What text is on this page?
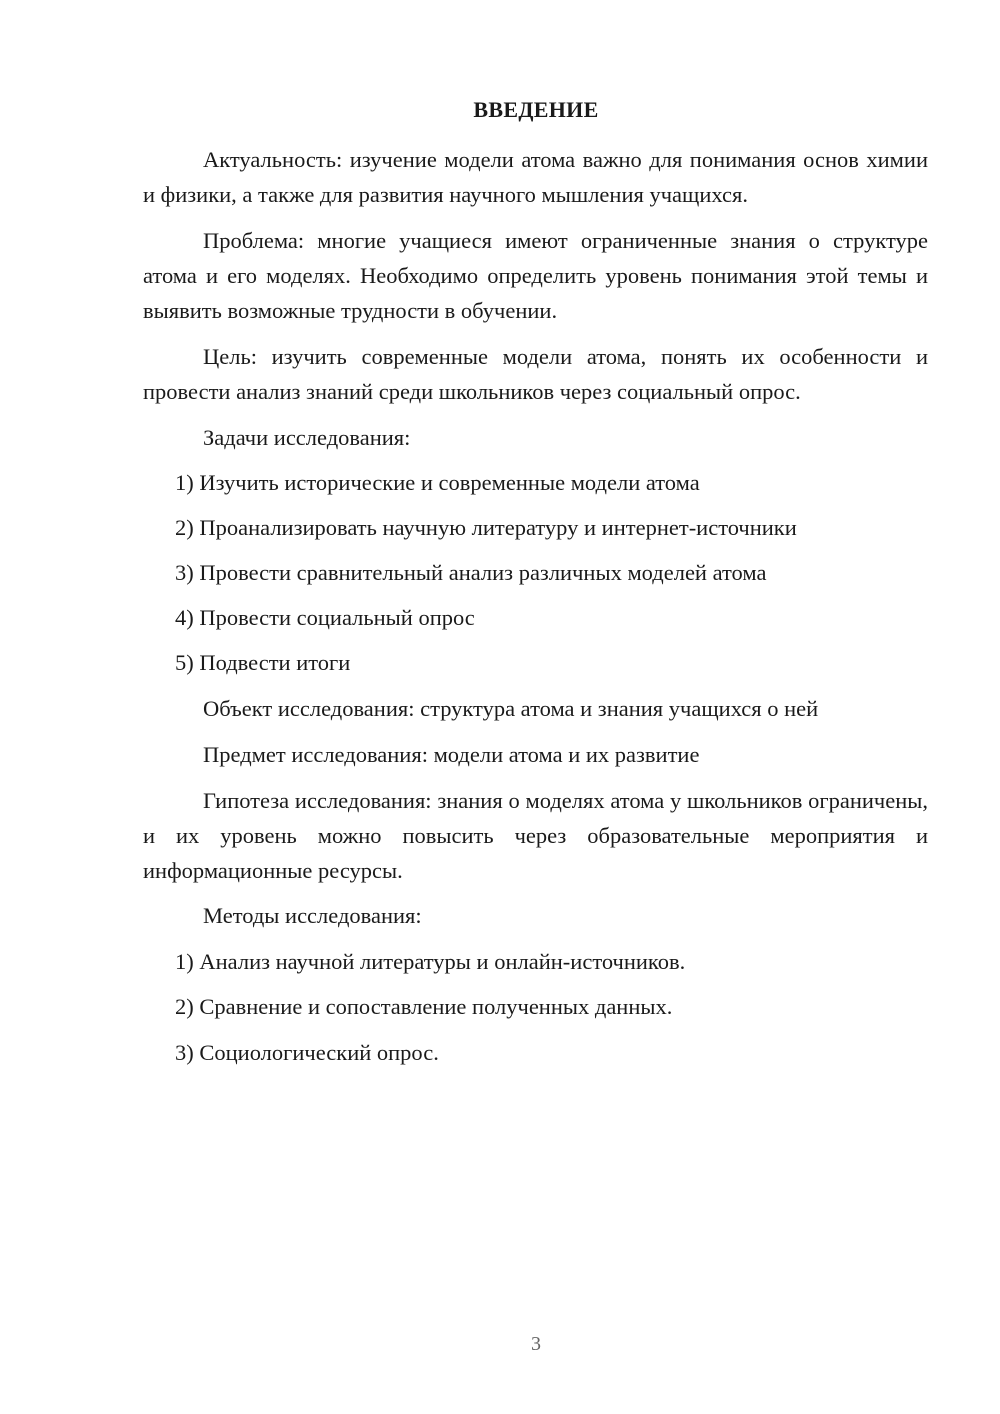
ВВЕДЕНИЕ

Актуальность: изучение модели атома важно для понимания основ химии и физики, а также для развития научного мышления учащихся.

Проблема: многие учащиеся имеют ограниченные знания о структуре атома и его моделях. Необходимо определить уровень понимания этой темы и выявить возможные трудности в обучении.

Цель: изучить современные модели атома, понять их особенности и провести анализ знаний среди школьников через социальный опрос.

Задачи исследования:

1) Изучить исторические и современные модели атома

2) Проанализировать научную литературу и интернет-источники

3) Провести сравнительный анализ различных моделей атома

4) Провести социальный опрос

5) Подвести итоги

Объект исследования: структура атома и знания учащихся о ней

Предмет исследования: модели атома и их развитие

Гипотеза исследования: знания о моделях атома у школьников ограничены, и их уровень можно повысить через образовательные мероприятия и информационные ресурсы.

Методы исследования:

1) Анализ научной литературы и онлайн-источников.

2) Сравнение и сопоставление полученных данных.

3) Социологический опрос.

3
